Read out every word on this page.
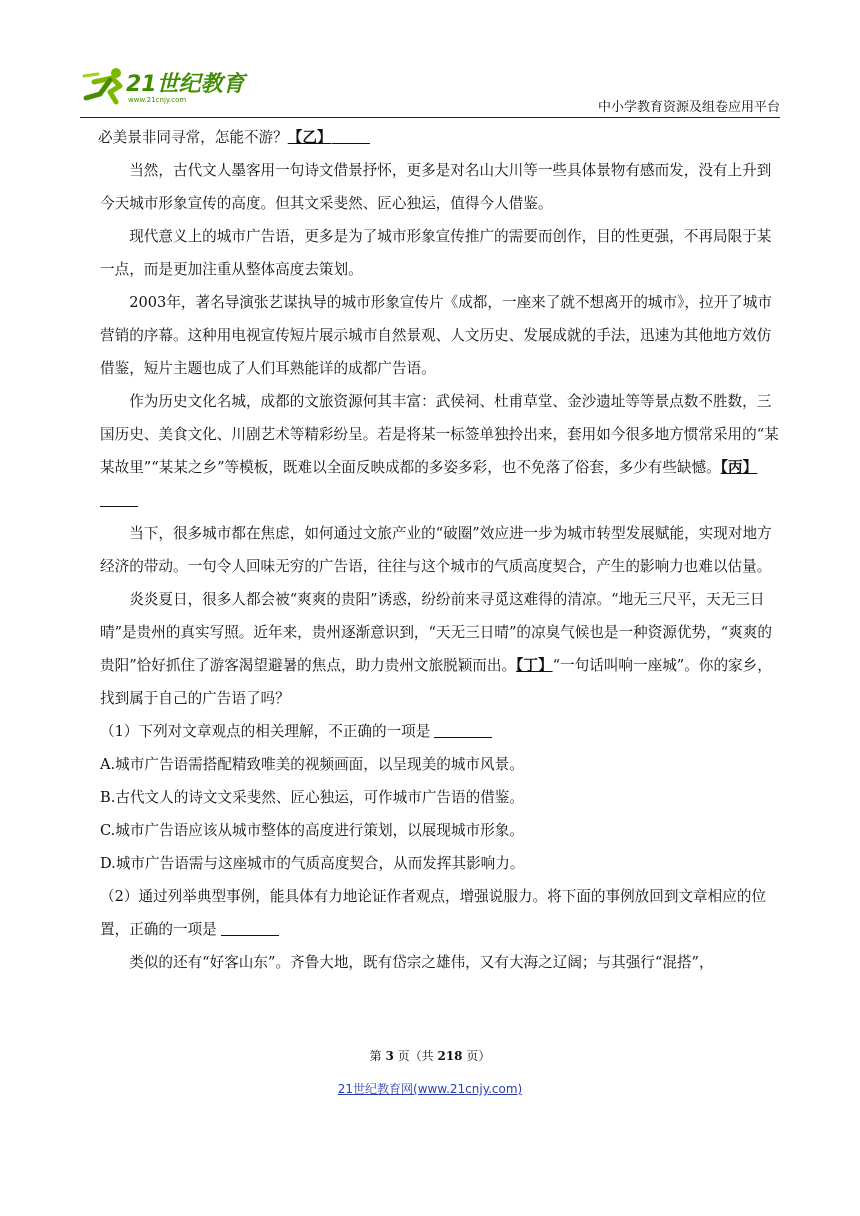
21世纪教育
www.21cnjy.com	中小学教育资源及组卷应用平台

必美景非同寻常，怎能不游？【乙】

当然，古代文人墨客用一句诗文借景抒怀，更多是对名山大川等一些具体景物有感而发，没有上升到今天城市形象宣传的高度。但其文采斐然、匠心独运，值得今人借鉴。

现代意义上的城市广告语，更多是为了城市形象宣传推广的需要而创作，目的性更强，不再局限于某一点，而是更加注重从整体高度去策划。

2003年，著名导演张艺谋执导的城市形象宣传片《成都，一座来了就不想离开的城市》，拉开了城市营销的序幕。这种用电视宣传短片展示城市自然景观、人文历史、发展成就的手法，迅速为其他地方效仿借鉴，短片主题也成了人们耳熟能详的成都广告语。

作为历史文化名城，成都的文旅资源何其丰富：武侯祠、杜甫草堂、金沙遗址等等景点数不胜数，三国历史、美食文化、川剧艺术等精彩纷呈。若是将某一标签单独拎出来，套用如今很多地方惯常采用的“某某故里”“某某之乡”等模板，既难以全面反映成都的多姿多彩，也不免落了俗套，多少有些缺憾。【丙】

当下，很多城市都在焦虑，如何通过文旅产业的“破圈”效应进一步为城市转型发展赋能，实现对地方经济的带动。一句令人回味无穷的广告语，往往与这个城市的气质高度契合，产生的影响力也难以估量。

炎炎夏日，很多人都会被“爽爽的贵阳”诱惑，纷纷前来寻觅这难得的清凉。“地无三尺平，天无三日晴”是贵州的真实写照。近年来，贵州逐渐意识到，“天无三日晴”的凉臭气候也是一种资源优势，“爽爽的贵阳”恰好抓住了游客渴望避暑的焦点，助力贵州文旅脱颖而出。【丁】“一句话叫响一座城”。你的家乡，找到属于自己的广告语了吗？

（1）下列对文章观点的相关理解，不正确的一项是

A.城市广告语需搭配精致唯美的视频画面，以呈现美的城市风景。

B.古代文人的诗文文采斐然、匠心独运，可作城市广告语的借鉴。

C.城市广告语应该从城市整体的高度进行策划，以展现城市形象。

D.城市广告语需与这座城市的气质高度契合，从而发挥其影响力。

（2）通过列举典型事例，能具体有力地论证作者观点，增强说服力。将下面的事例放回到文章相应的位置，正确的一项是

类似的还有“好客山东”。齐鲁大地，既有岱宗之雄伟，又有大海之辽阔；与其强行“混搭”，

第 3 页（共 218 页）
21世纪教育网(www.21cnjy.com)
